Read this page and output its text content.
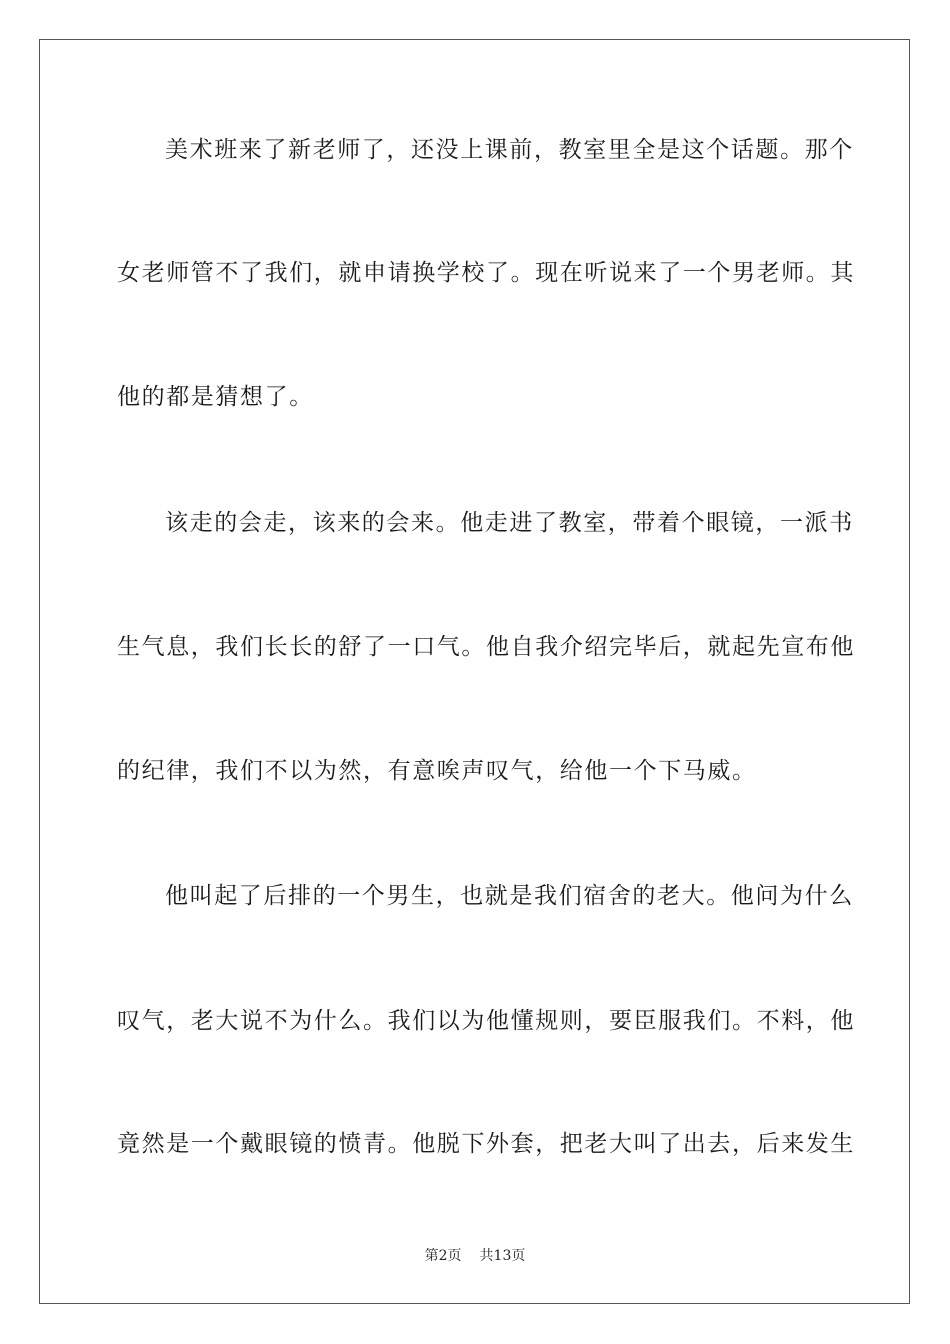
美术班来了新老师了，还没上课前，教室里全是这个话题。那个
女老师管不了我们，就申请换学校了。现在听说来了一个男老师。其
他的都是猜想了。
该走的会走，该来的会来。他走进了教室，带着个眼镜，一派书
生气息，我们长长的舒了一口气。他自我介绍完毕后，就起先宣布他
的纪律，我们不以为然，有意唉声叹气，给他一个下马威。
他叫起了后排的一个男生，也就是我们宿舍的老大。他问为什么
叹气，老大说不为什么。我们以为他懂规则，要臣服我们。不料，他
竟然是一个戴眼镜的愤青。他脱下外套，把老大叫了出去，后来发生
第2页 共13页
